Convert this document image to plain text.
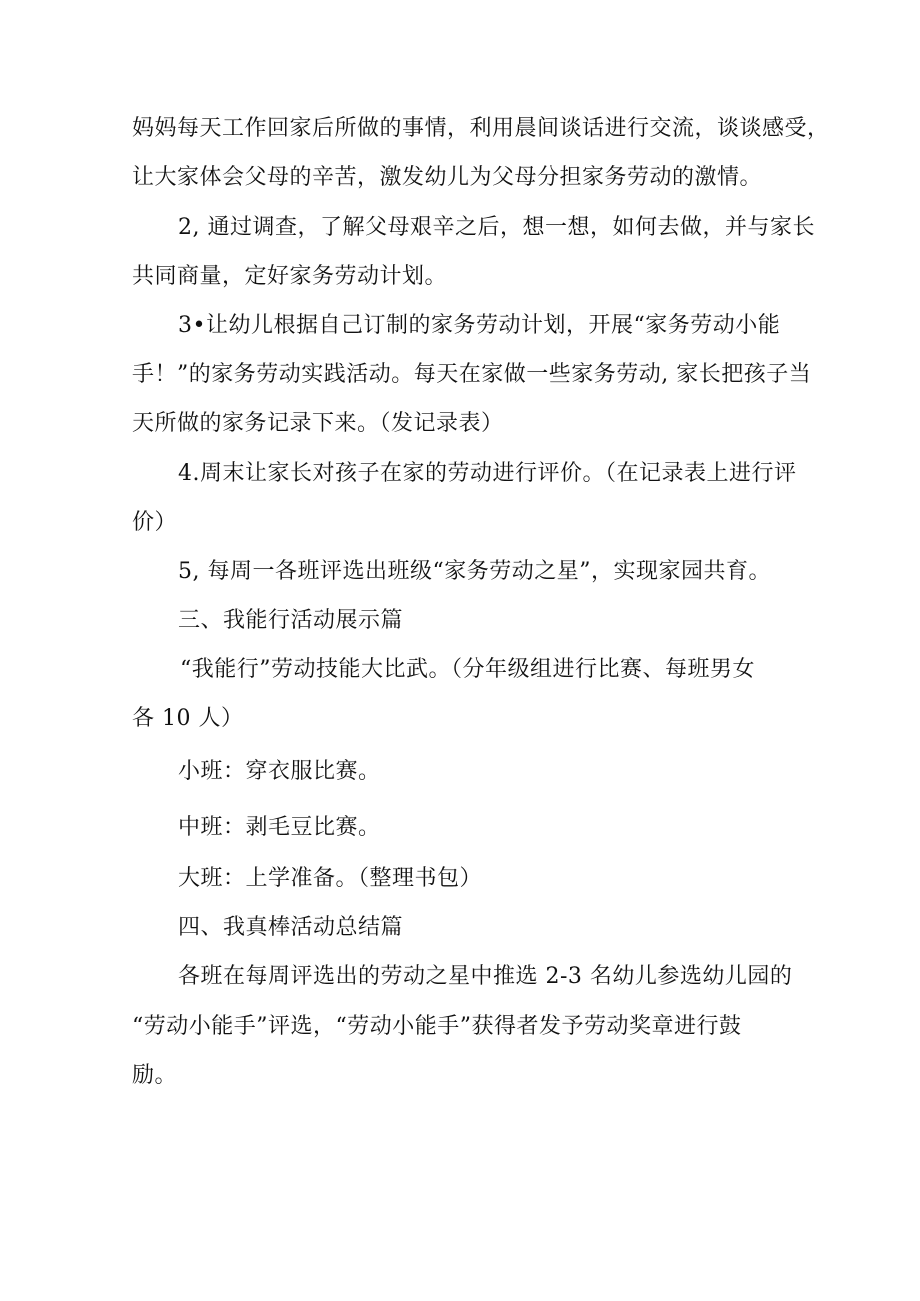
妈妈每天工作回家后所做的事情，利用晨间谈话进行交流，谈谈感受，
让大家体会父母的辛苦，激发幼儿为父母分担家务劳动的激情。
2, 通过调查，了解父母艰辛之后，想一想，如何去做，并与家长
共同商量，定好家务劳动计划。
3•让幼儿根据自己订制的家务劳动计划，开展“家务劳动小能
手！”的家务劳动实践活动。每天在家做一些家务劳动, 家长把孩子当
天所做的家务记录下来。（发记录表）
4.周末让家长对孩子在家的劳动进行评价。（在记录表上进行评
价）
5, 每周一各班评选出班级“家务劳动之星”，实现家园共育。
三、我能行活动展示篇
“我能行”劳动技能大比武。（分年级组进行比赛、每班男女
各 10 人）
小班：穿衣服比赛。
中班：剥毛豆比赛。
大班：上学准备。（整理书包）
四、我真棒活动总结篇
各班在每周评选出的劳动之星中推选 2-3 名幼儿参选幼儿园的
“劳动小能手”评选，“劳动小能手”获得者发予劳动奖章进行鼓
励。
